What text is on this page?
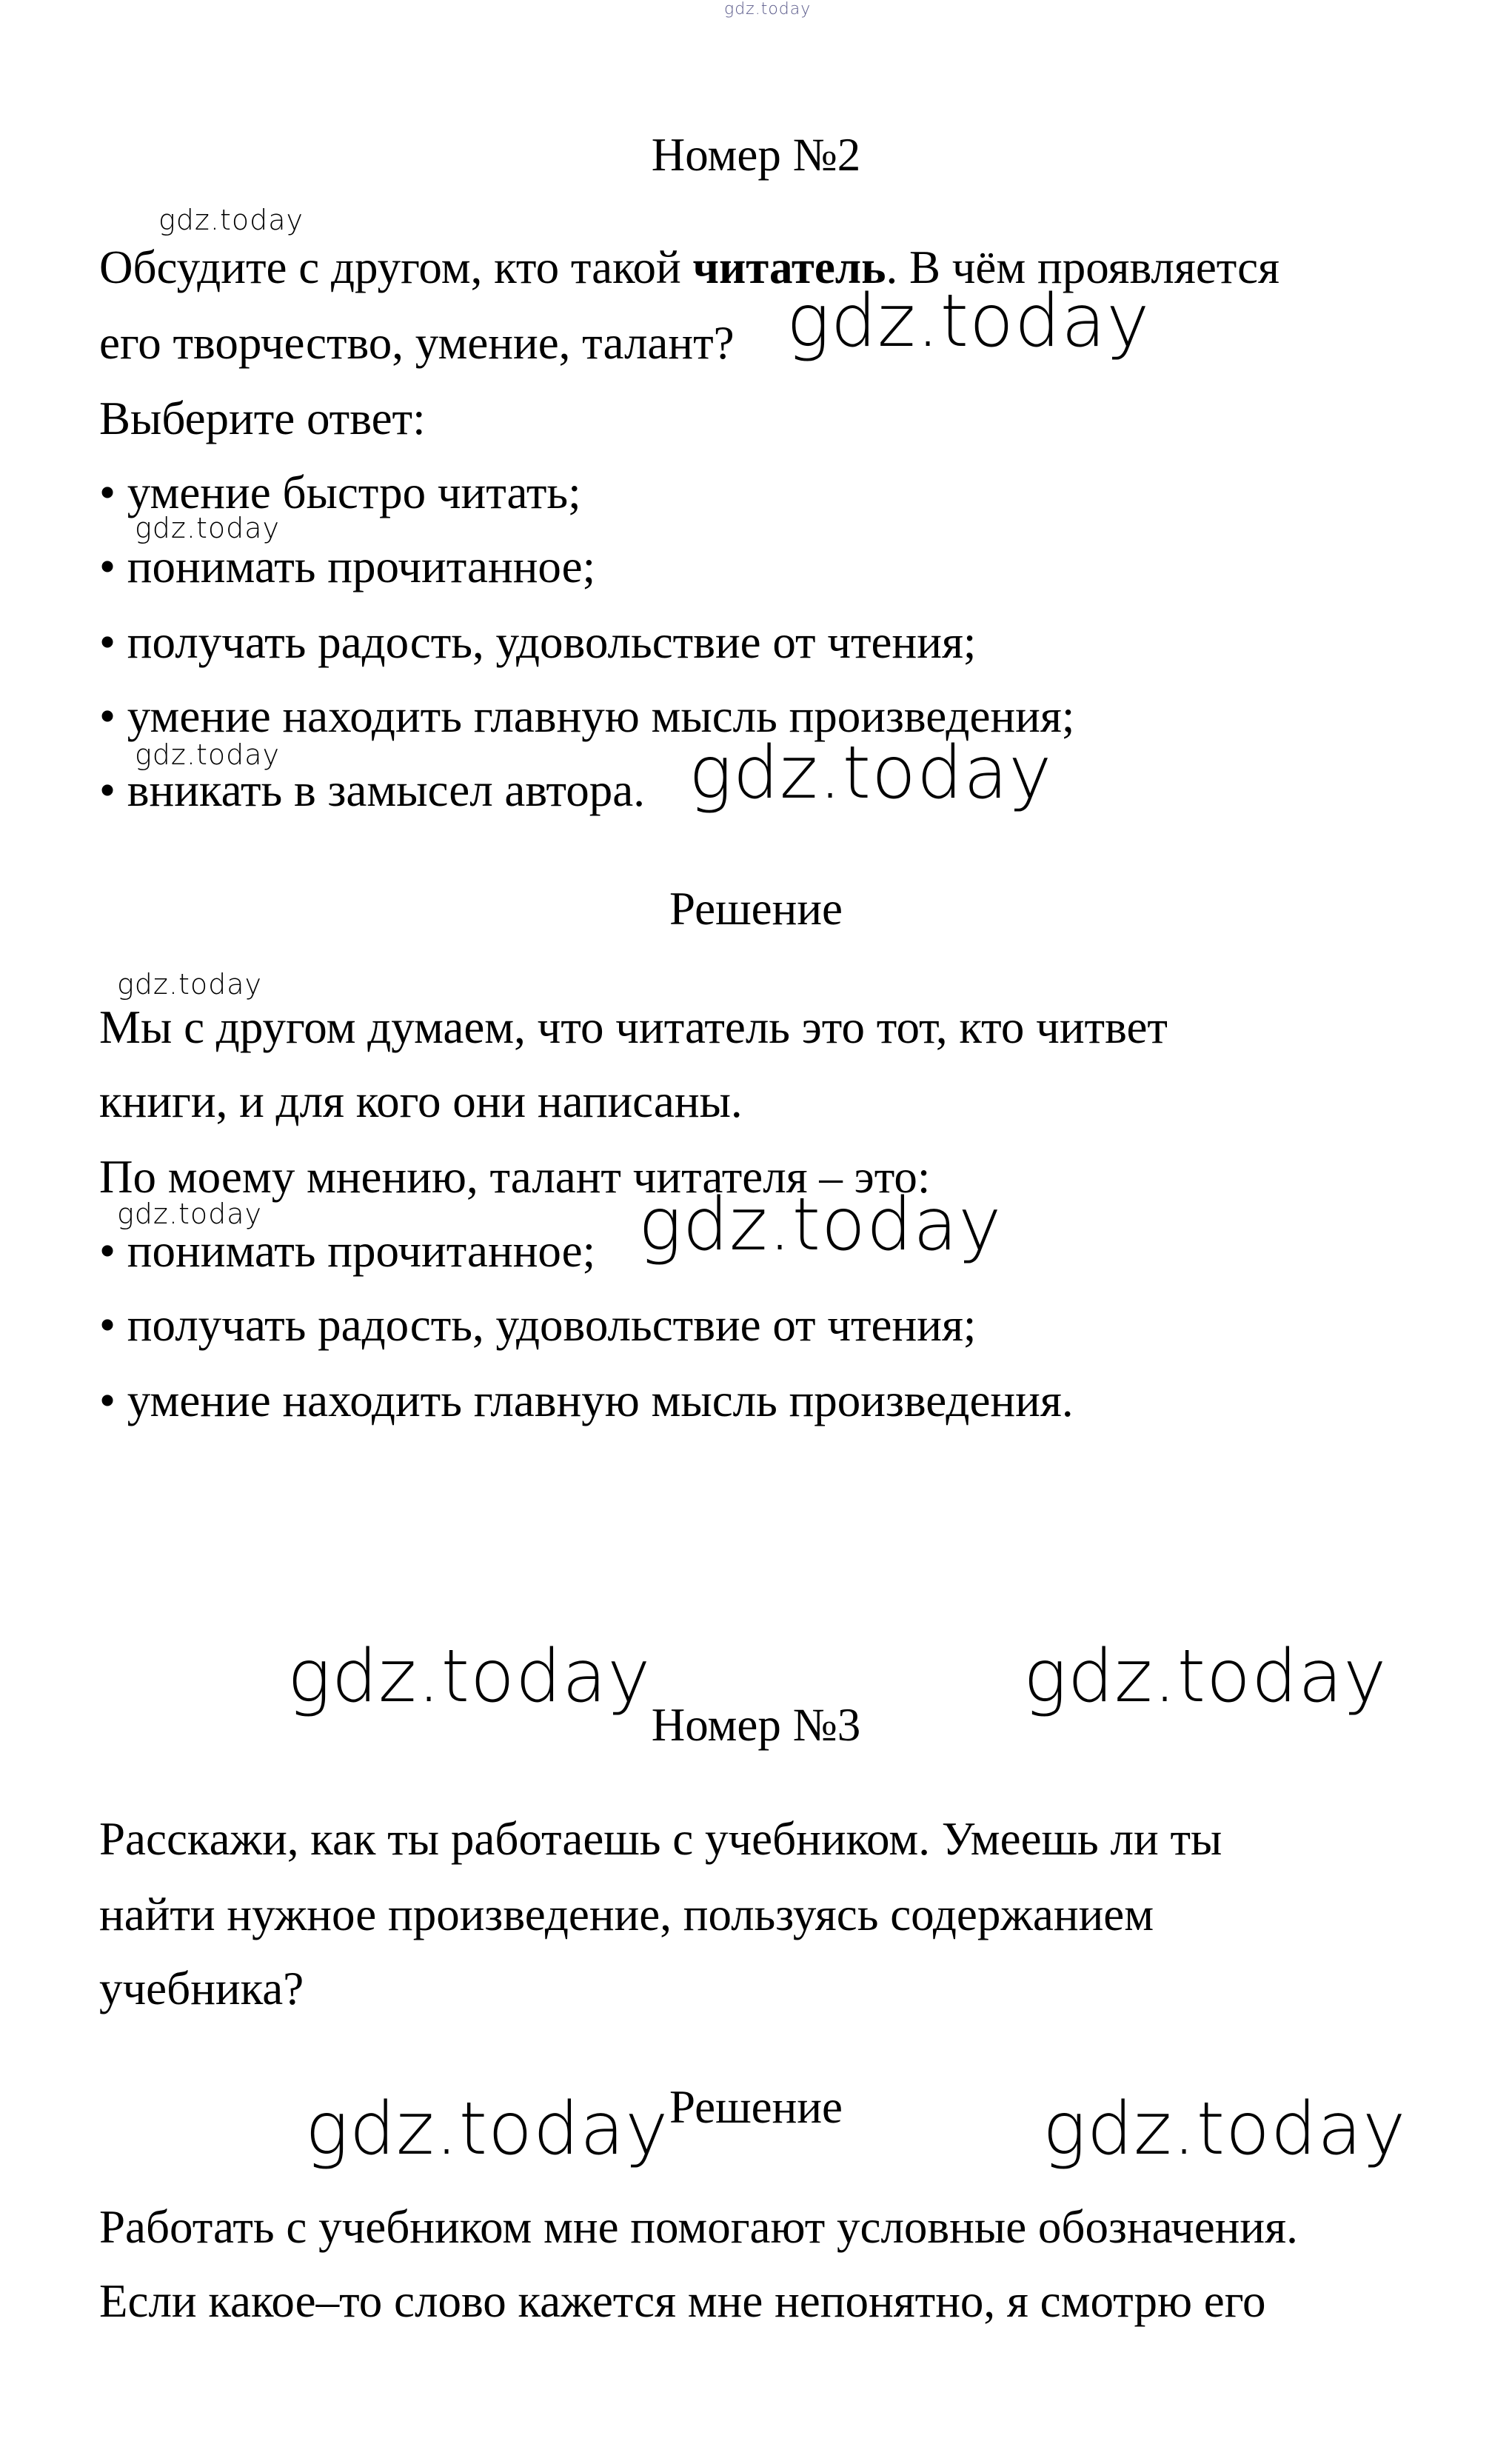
gdz.today
gdz.today
gdz.today
gdz.today
gdz.today	gdz.today
gdz.today
gdz.today	gdz.today
gdz.today	gdz.today
gdz.today	gdz.today
Номер №2
Обсудите с другом, кто такой читатель. В чём проявляется
его творчество, умение, талант?
Выберите ответ:
• умение быстро читать;
• понимать прочитанное;
• получать радость, удовольствие от чтения;
• умение находить главную мысль произведения;
• вникать в замысел автора.
Решение
Мы с другом думаем, что читатель это тот, кто читвет
книги, и для кого они написаны.
По моему мнению, талант читателя – это:
• понимать прочитанное;
• получать радость, удовольствие от чтения;
• умение находить главную мысль произведения.
Номер №3
Расскажи, как ты работаешь с учебником. Умеешь ли ты
найти нужное произведение, пользуясь содержанием
учебника?
Решение
Работать с учебником мне помогают условные обозначения.
Если какое–то слово кажется мне непонятно, я смотрю его
